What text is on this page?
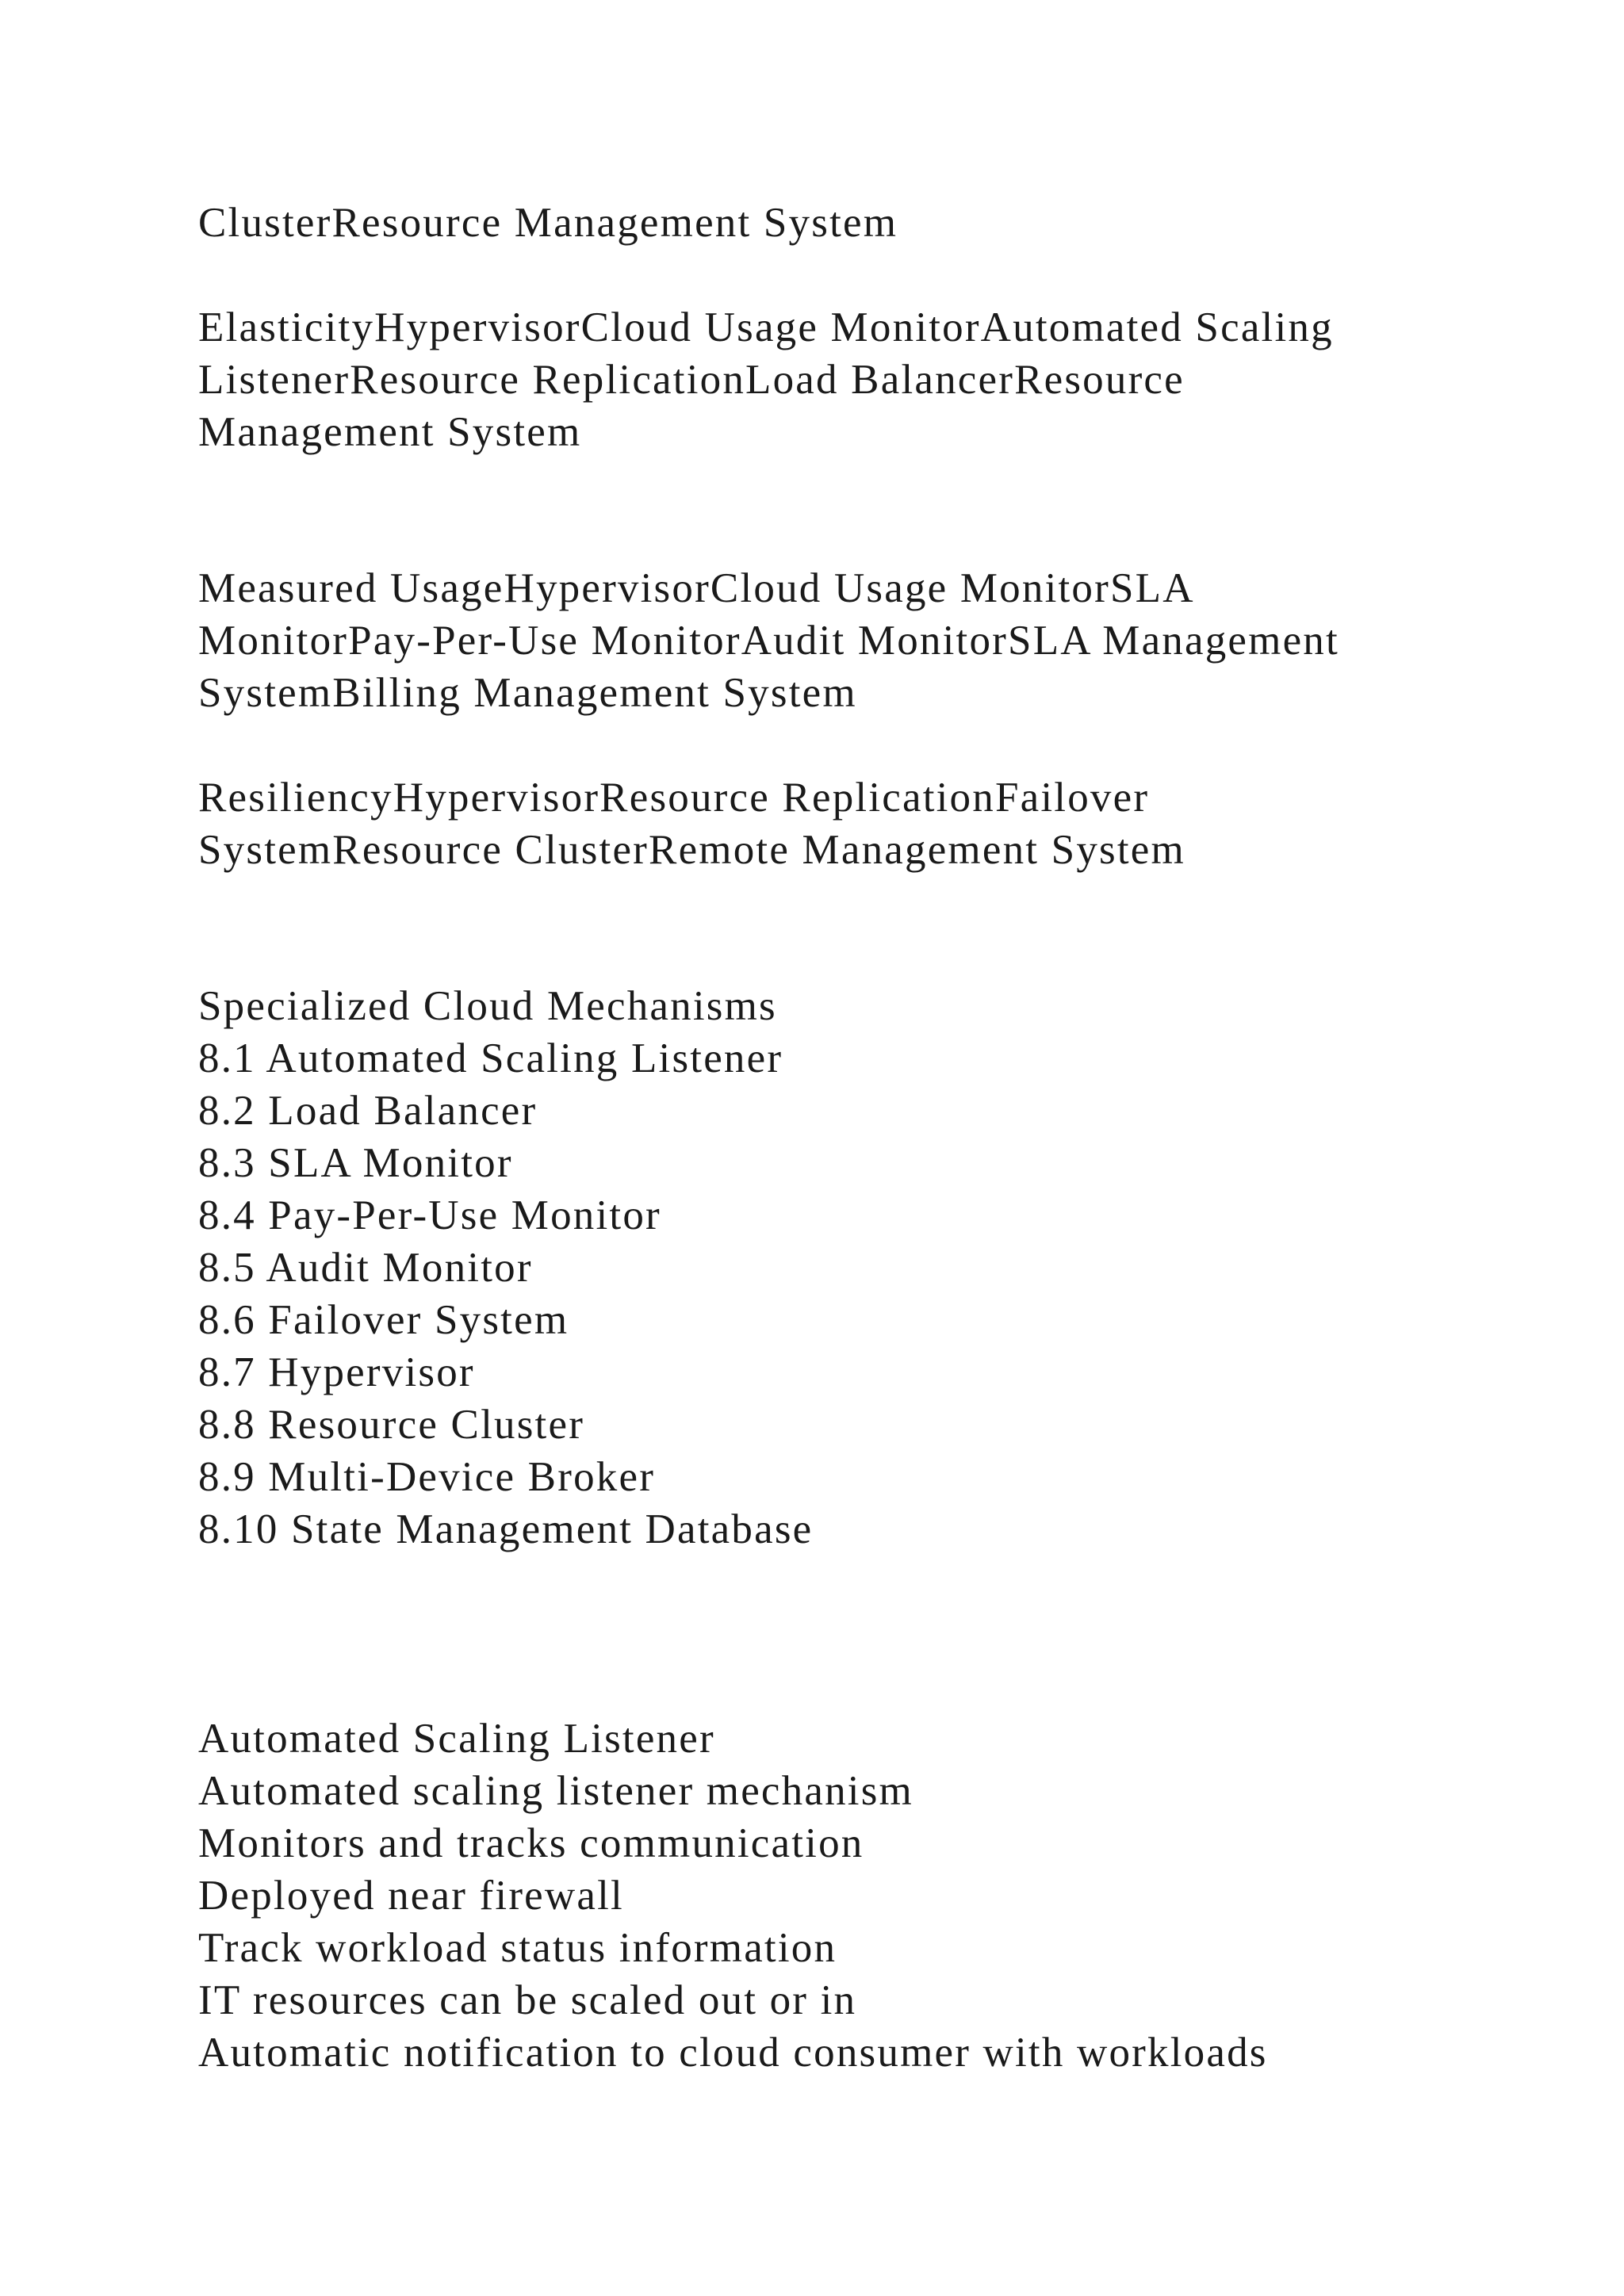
ClusterResource Management System

ElasticityHypervisorCloud Usage MonitorAutomated Scaling

ListenerResource ReplicationLoad BalancerResource

Management System

Measured UsageHypervisorCloud Usage MonitorSLA

MonitorPay-Per-Use MonitorAudit MonitorSLA Management

SystemBilling Management System

ResiliencyHypervisorResource ReplicationFailover

SystemResource ClusterRemote Management System

Specialized Cloud Mechanisms

8.1 Automated Scaling Listener

8.2 Load Balancer

8.3 SLA Monitor

8.4 Pay-Per-Use Monitor

8.5 Audit Monitor

8.6 Failover System

8.7 Hypervisor

8.8 Resource Cluster

8.9 Multi-Device Broker

8.10 State Management Database

Automated Scaling Listener

Automated scaling listener mechanism

Monitors and tracks communication

Deployed near firewall

Track workload status information

IT resources can be scaled out or in

Automatic notification to cloud consumer with workloads
